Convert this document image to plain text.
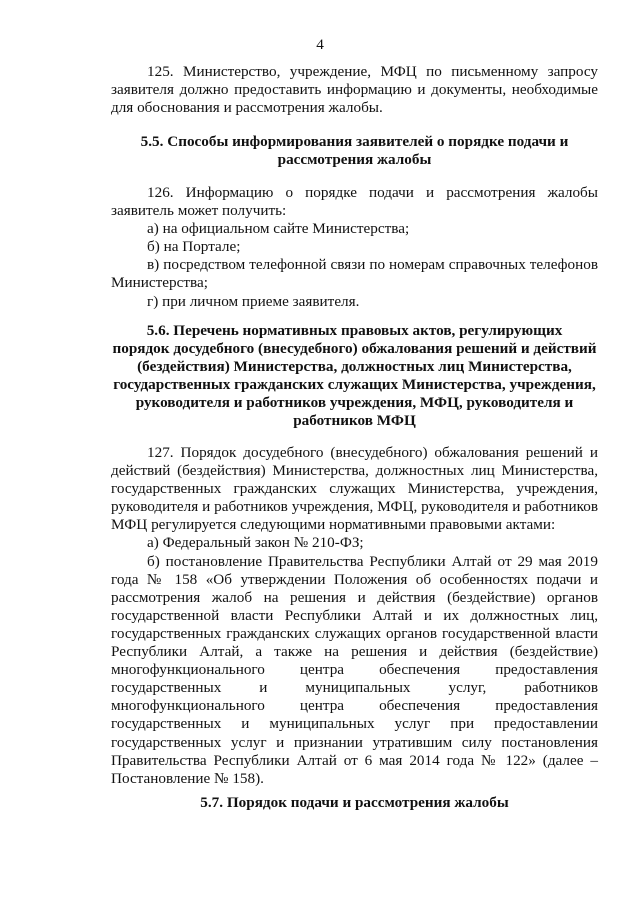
4
125. Министерство, учреждение, МФЦ по письменному запросу
заявителя должно предоставить информацию и документы, необходимые
для обоснования и рассмотрения жалобы.
5.5. Способы информирования заявителей о порядке подачи и
рассмотрения жалобы
126. Информацию о порядке подачи и рассмотрения жалобы
заявитель может получить:
а) на официальном сайте Министерства;
б) на Портале;
в) посредством телефонной связи по номерам справочных телефонов
Министерства;
г) при личном приеме заявителя.
5.6. Перечень нормативных правовых актов, регулирующих
порядок досудебного (внесудебного) обжалования решений и действий
(бездействия) Министерства, должностных лиц Министерства,
государственных гражданских служащих Министерства, учреждения,
руководителя и работников учреждения, МФЦ, руководителя и
работников МФЦ
127. Порядок досудебного (внесудебного) обжалования решений и
действий (бездействия) Министерства, должностных лиц Министерства,
государственных гражданских служащих Министерства, учреждения,
руководителя и работников учреждения, МФЦ, руководителя и работников
МФЦ регулируется следующими нормативными правовыми актами:
а) Федеральный закон № 210-ФЗ;
б) постановление Правительства Республики Алтай от 29 мая 2019
года № 158 «Об утверждении Положения об особенностях подачи и
рассмотрения жалоб на решения и действия (бездействие) органов
государственной власти Республики Алтай и их должностных лиц,
государственных гражданских служащих органов государственной власти
Республики Алтай, а также на решения и действия (бездействие)
многофункционального центра обеспечения предоставления
государственных и муниципальных услуг, работников
многофункционального центра обеспечения предоставления
государственных и муниципальных услуг при предоставлении
государственных услуг и признании утратившим силу постановления
Правительства Республики Алтай от 6 мая 2014 года № 122» (далее –
Постановление № 158).
5.7. Порядок подачи и рассмотрения жалобы
